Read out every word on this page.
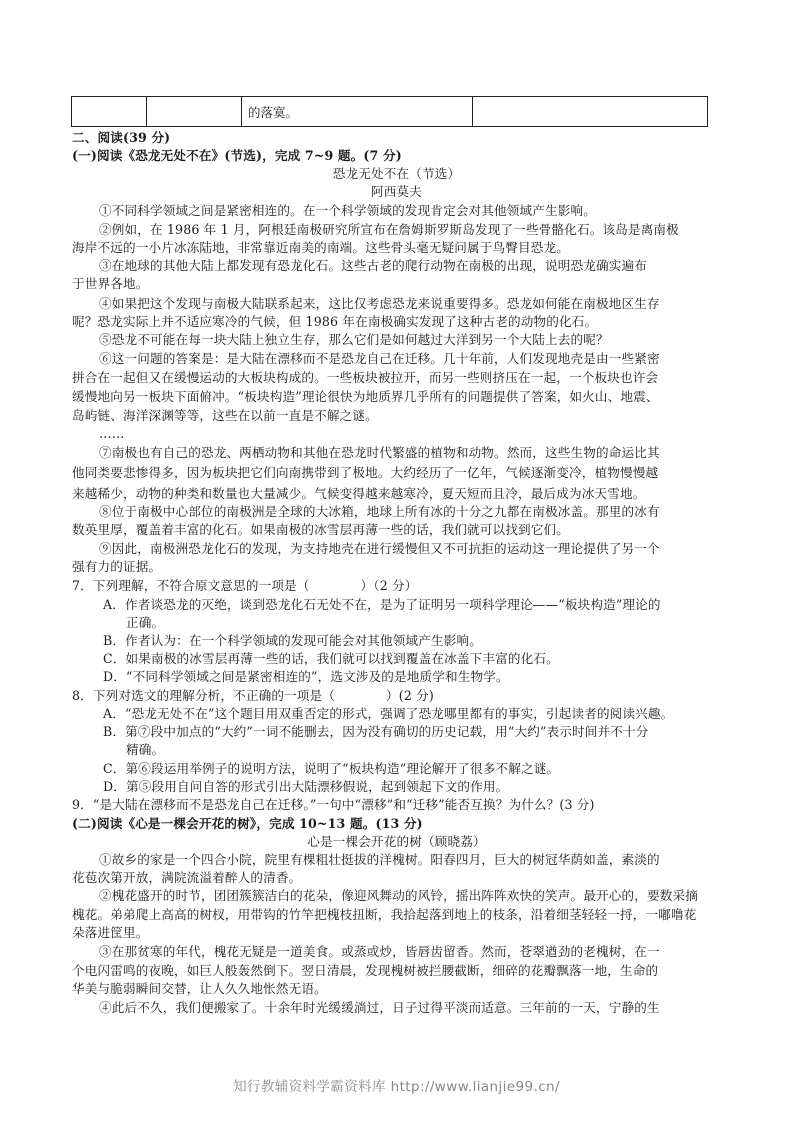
		的落寞。	
二、阅读(39 分)
(一)阅读《恐龙无处不在》(节选)，完成 7~9 题。(7 分)
恐龙无处不在（节选）
阿西莫夫
①不同科学领域之间是紧密相连的。在一个科学领域的发现肯定会对其他领域产生影响。
②例如，在 1986 年 1 月，阿根廷南极研究所宣布在詹姆斯罗斯岛发现了一些骨骼化石。该岛是离南极
海岸不远的一小片冰冻陆地，非常靠近南美的南端。这些骨头毫无疑问属于鸟臀目恐龙。
③在地球的其他大陆上都发现有恐龙化石。这些古老的爬行动物在南极的出现，说明恐龙确实遍布
于世界各地。
④如果把这个发现与南极大陆联系起来，这比仅考虑恐龙来说重要得多。恐龙如何能在南极地区生存
呢？恐龙实际上并不适应寒冷的气候，但 1986 年在南极确实发现了这种古老的动物的化石。
⑤恐龙不可能在每一块大陆上独立生存，那么它们是如何越过大洋到另一个大陆上去的呢？
⑥这一问题的答案是：是大陆在漂移而不是恐龙自己在迁移。几十年前，人们发现地壳是由一些紧密
拼合在一起但又在缓慢运动的大板块构成的。一些板块被拉开，而另一些则挤压在一起，一个板块也许会
缓慢地向另一板块下面俯冲。“板块构造”理论很快为地质界几乎所有的问题提供了答案，如火山、地震、
岛屿链、海洋深渊等等，这些在以前一直是不解之谜。
……
⑦南极也有自己的恐龙、两栖动物和其他在恐龙时代繁盛的植物和动物。然而，这些生物的命运比其
他同类要悲惨得多，因为板块把它们向南携带到了极地。大约经历了一亿年，气候逐渐变冷，植物慢慢越
来越稀少，动物的种类和数量也大量减少。气候变得越来越寒冷，夏天短而且冷，最后成为冰天雪地。
⑧位于南极中心部位的南极洲是全球的大冰箱，地球上所有冰的十分之九都在南极冰盖。那里的冰有
数英里厚，覆盖着丰富的化石。如果南极的冰雪层再薄一些的话，我们就可以找到它们。
⑨因此，南极洲恐龙化石的发现，为支持地壳在进行缓慢但又不可抗拒的运动这一理论提供了另一个
强有力的证据。
7．下列理解，不符合原文意思的一项是（　　　　）（2 分）
A．作者谈恐龙的灭绝，谈到恐龙化石无处不在，是为了证明另一项科学理论——“板块构造”理论的
正确。
B．作者认为：在一个科学领域的发现可能会对其他领域产生影响。
C．如果南极的冰雪层再薄一些的话，我们就可以找到覆盖在冰盖下丰富的化石。
D．“不同科学领域之间是紧密相连的”，选文涉及的是地质学和生物学。
8．下列对选文的理解分析，不正确的一项是（　　　　）(2 分)
A．“恐龙无处不在”这个题目用双重否定的形式，强调了恐龙哪里都有的事实，引起读者的阅读兴趣。
B．第⑦段中加点的“大约”一词不能删去，因为没有确切的历史记载，用“大约”表示时间并不十分
精确。
C．第⑥段运用举例子的说明方法，说明了“板块构造”理论解开了很多不解之谜。
D．第⑤段用自问自答的形式引出大陆漂移假说，起到领起下文的作用。
9．“是大陆在漂移而不是恐龙自己在迁移。”一句中“漂移”和“迁移”能否互换？为什么？(3 分)
(二)阅读《心是一棵会开花的树》，完成 10~13 题。(13 分)
心是一棵会开花的树（顾晓荔）
①故乡的家是一个四合小院，院里有棵粗壮挺拔的洋槐树。阳春四月，巨大的树冠华荫如盖，素淡的
花苞次第开放，满院流溢着醉人的清香。
②槐花盛开的时节，团团簇簇洁白的花朵，像迎风舞动的风铃，摇出阵阵欢快的笑声。最开心的，要数采摘
槐花。弟弟爬上高高的树杈，用带钩的竹竿把槐枝扭断，我拾起落到地上的枝条，沿着细茎轻轻一捋，一嘟噜花
朵落进筐里。
③在那贫寒的年代，槐花无疑是一道美食。或蒸或炒，皆唇齿留香。然而，苍翠遒劲的老槐树，在一
个电闪雷鸣的夜晚，如巨人般轰然倒下。翌日清晨，发现槐树被拦腰截断，细碎的花瓣飘落一地，生命的
华美与脆弱瞬间交替，让人久久地怅然无语。
④此后不久，我们便搬家了。十余年时光缓缓淌过，日子过得平淡而适意。三年前的一天，宁静的生
知行教辅资料学霸资料库 http://www.lianjie99.cn/
